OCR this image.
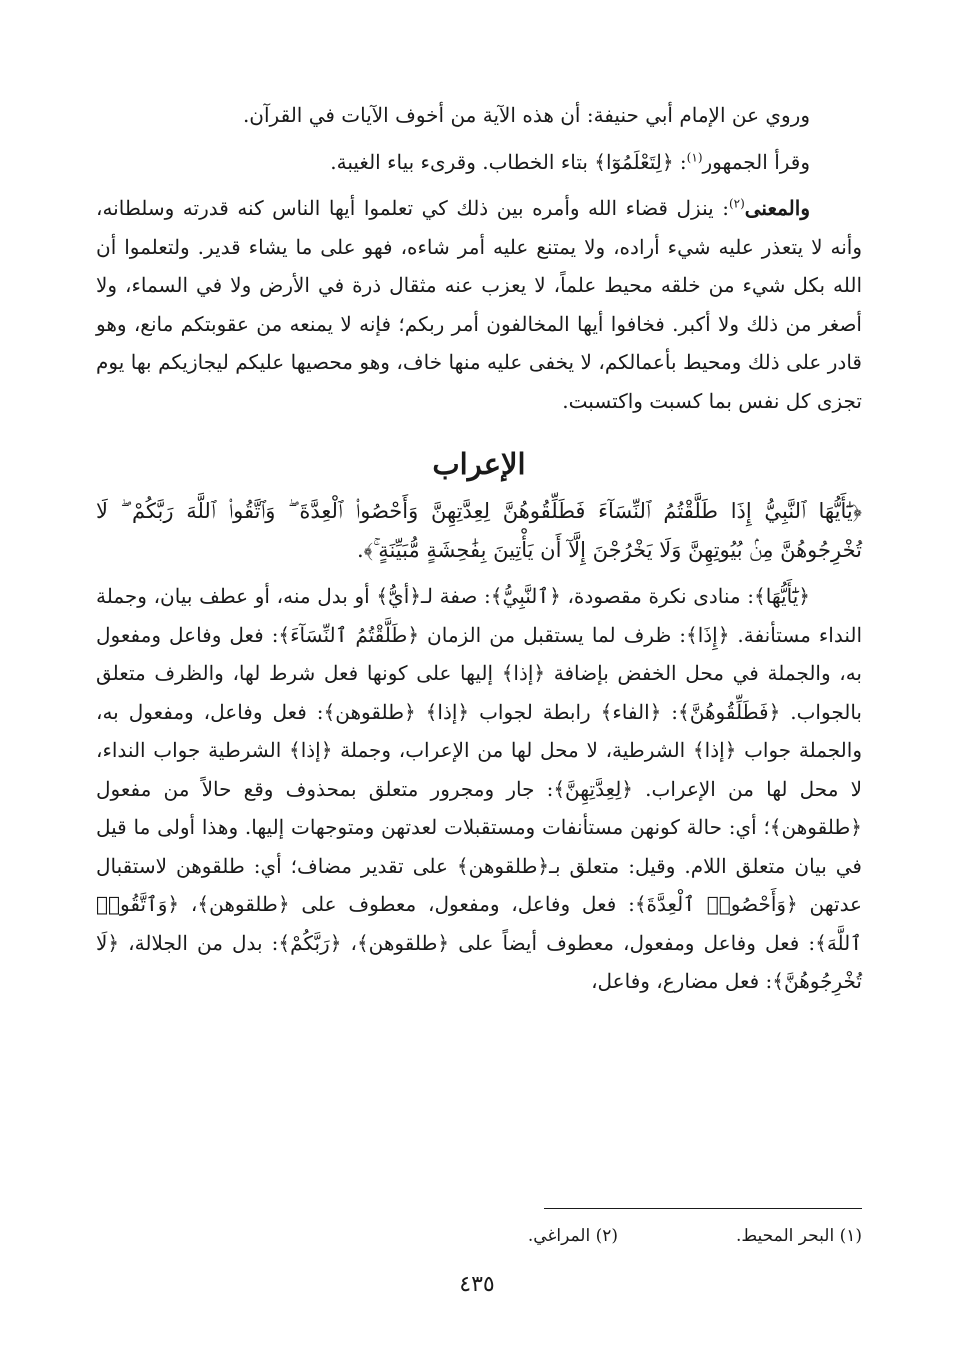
وروي عن الإمام أبي حنيفة: أن هذه الآية من أخوف الآيات في القرآن.

وقرأ الجمهور$^{(١)}$: ﴿لِتَعْلَمُوٓا﴾ بتاء الخطاب. وقرىء بياء الغيبة.

والمعنى$^{(٢)}$: ينزل قضاء الله وأمره بين ذلك كي تعلموا أيها الناس كنه قدرته وسلطانه، وأنه لا يتعذر عليه شيء أراده، ولا يمتنع عليه أمر شاءه، فهو على ما يشاء قدير. ولتعلموا أن الله بكل شيء من خلقه محيط علماً، لا يعزب عنه مثقال ذرة في الأرض ولا في السماء، ولا أصغر من ذلك ولا أكبر. فخافوا أيها المخالفون أمر ربكم؛ فإنه لا يمنعه من عقوبتكم مانع، وهو قادر على ذلك ومحيط بأعمالكم، لا يخفى عليه منها خاف، وهو محصيها عليكم ليجازيكم بها يوم تجزى كل نفس بما كسبت واكتسبت.

الإعراب

﴿يَٰٓأَيُّهَا ٱلنَّبِيُّ إِذَا طَلَّقْتُمُ ٱلنِّسَآءَ فَطَلِّقُوهُنَّ لِعِدَّتِهِنَّ وَأَحْصُوا۟ ٱلْعِدَّةَ ۖ وَٱتَّقُوا۟ ٱللَّهَ رَبَّكُمْ ۖ لَا تُخْرِجُوهُنَّ مِنۢ بُيُوتِهِنَّ وَلَا يَخْرُجْنَ إِلَّآ أَن يَأْتِينَ بِفَٰحِشَةٍ مُّبَيِّنَةٍ ۚ﴾.

﴿يَٰٓأَيُّهَا﴾: منادى نكرة مقصودة، ﴿ٱلنَّبِيُّ﴾: صفة لـ﴿أيُّ﴾ أو بدل منه، أو عطف بيان، وجملة النداء مستأنفة. ﴿إِذَا﴾: ظرف لما يستقبل من الزمان ﴿طَلَّقْتُمُ ٱلنِّسَآءَ﴾: فعل وفاعل ومفعول به، والجملة في محل الخفض بإضافة ﴿إذا﴾ إليها على كونها فعل شرط لها، والظرف متعلق بالجواب. ﴿فَطَلِّقُوهُنَّ﴾: ﴿الفاء﴾ رابطة لجواب ﴿إذا﴾ ﴿طلقوهن﴾: فعل وفاعل، ومفعول به، والجملة جواب ﴿إذا﴾ الشرطية، لا محل لها من الإعراب، وجملة ﴿إذا﴾ الشرطية جواب النداء، لا محل لها من الإعراب. ﴿لِعِدَّتِهِنَّ﴾: جار ومجرور متعلق بمحذوف وقع حالاً من مفعول ﴿طلقوهن﴾؛ أي: حالة كونهن مستأنفات ومستقبلات لعدتهن ومتوجهات إليها. وهذا أولى ما قيل في بيان متعلق اللام. وقيل: متعلق بـ﴿طلقوهن﴾ على تقدير مضاف؛ أي: طلقوهن لاستقبال عدتهن ﴿وَأَحْصُوا۟ ٱلْعِدَّةَ﴾: فعل وفاعل، ومفعول، معطوف على ﴿طلقوهن﴾، ﴿وَٱتَّقُوا۟ ٱللَّهَ﴾: فعل وفاعل ومفعول، معطوف أيضاً على ﴿طلقوهن﴾، ﴿رَبَّكُمْ﴾: بدل من الجلالة، ﴿لَا تُخْرِجُوهُنَّ﴾: فعل مضارع، وفاعل،

(١) البحر المحيط.(٢) المراغي.
٤٣٥
